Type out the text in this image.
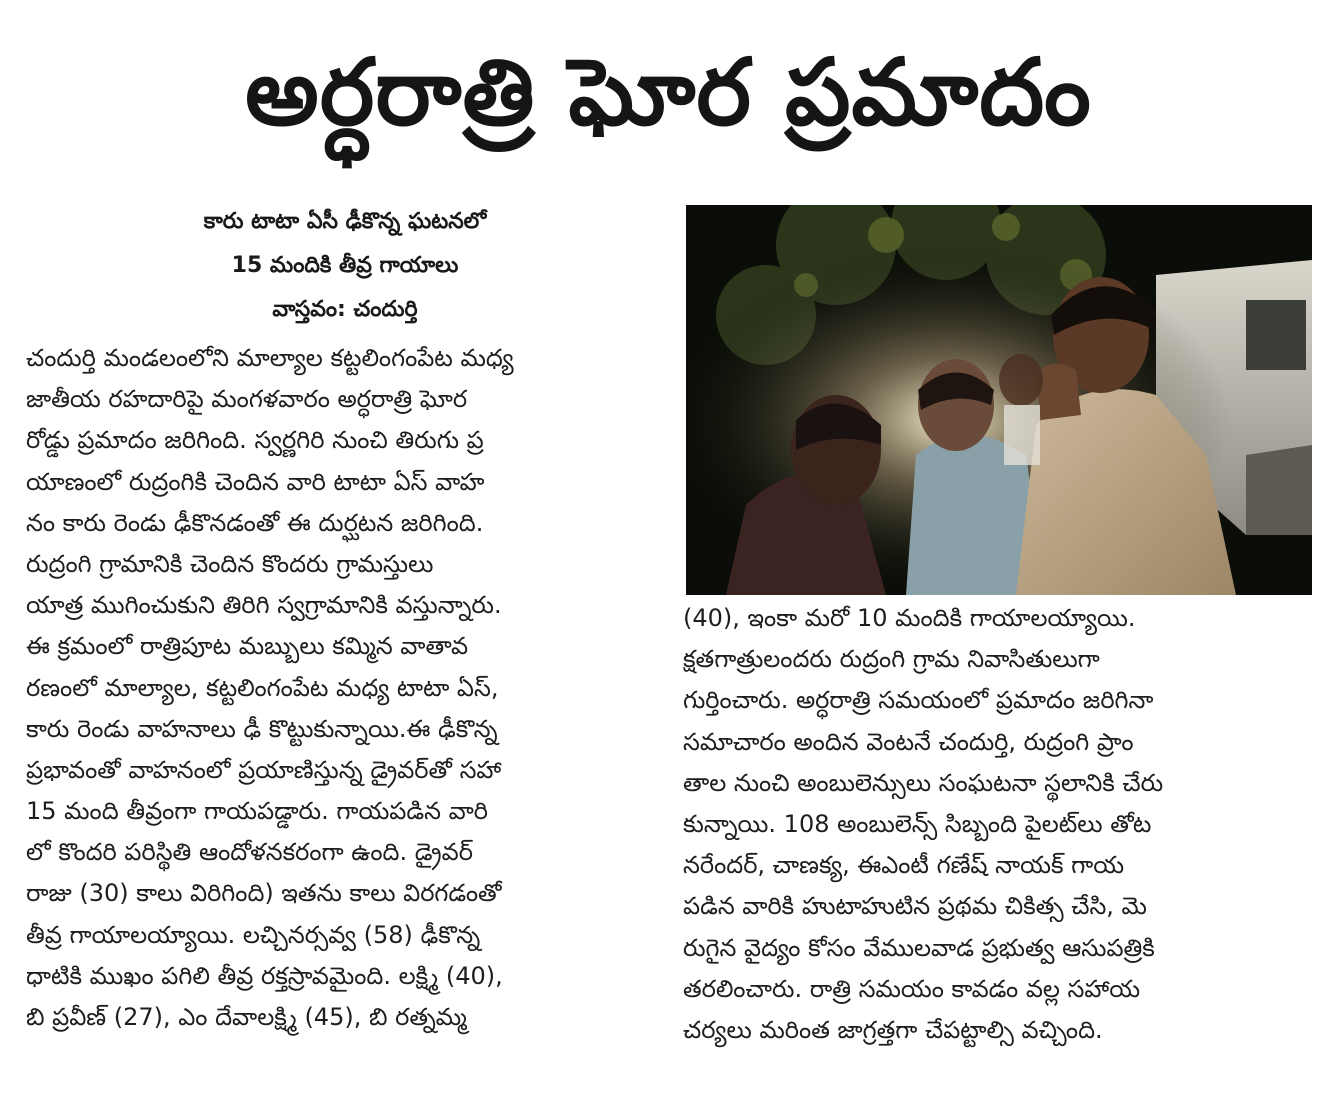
అర్ధరాత్రి ఘోర ప్రమాదం
కారు టాటా ఏసీ ఢీకొన్న ఘటనలో
15 మందికి తీవ్ర గాయాలు
వాస్తవం: చందుర్తి
చందుర్తి మండలంలోని మాల్యాల కట్టలింగంపేట మధ్య
జాతీయ రహదారిపై మంగళవారం అర్ధరాత్రి ఘోర
రోడ్డు ప్రమాదం జరిగింది. స్వర్ణగిరి నుంచి తిరుగు ప్ర
యాణంలో రుద్రంగికి చెందిన వారి టాటా ఏస్ వాహ
నం కారు రెండు ఢీకొనడంతో ఈ దుర్ఘటన జరిగింది.
రుద్రంగి గ్రామానికి చెందిన కొందరు గ్రామస్తులు
యాత్ర ముగించుకుని తిరిగి స్వగ్రామానికి వస్తున్నారు.
ఈ క్రమంలో రాత్రిపూట మబ్బులు కమ్మిన వాతావ
రణంలో మాల్యాల, కట్టలింగంపేట మధ్య టాటా ఏస్,
కారు రెండు వాహనాలు ఢీ కొట్టుకున్నాయి.ఈ ఢీకొన్న
ప్రభావంతో వాహనంలో ప్రయాణిస్తున్న డ్రైవర్‌తో సహా
15 మంది తీవ్రంగా గాయపడ్డారు. గాయపడిన వారి
లో కొందరి పరిస్థితి ఆందోళనకరంగా ఉంది. డ్రైవర్
రాజు (30) కాలు విరిగింది) ఇతను కాలు విరగడంతో
తీవ్ర గాయాలయ్యాయి. లచ్చినర్సవ్వ (58) ఢీకొన్న
ధాటికి ముఖం పగిలి తీవ్ర రక్తస్రావమైంది. లక్ష్మి (40),
బి ప్రవీణ్ (27), ఎం దేవాలక్ష్మి (45), బి రత్నమ్మ
(40), ఇంకా మరో 10 మందికి గాయాలయ్యాయి.
క్షతగాత్రులందరు రుద్రంగి గ్రామ నివాసితులుగా
గుర్తించారు. అర్ధరాత్రి సమయంలో ప్రమాదం జరిగినా
సమాచారం అందిన వెంటనే చందుర్తి, రుద్రంగి ప్రాం
తాల నుంచి అంబులెన్సులు సంఘటనా స్థలానికి చేరు
కున్నాయి. 108 అంబులెన్స్ సిబ్బంది పైలట్‌లు తోట
నరేందర్, చాణక్య, ఈఎంటీ గణేష్ నాయక్ గాయ
పడిన వారికి హుటాహుటిన ప్రథమ చికిత్స చేసి, మె
రుగైన వైద్యం కోసం వేములవాడ ప్రభుత్వ ఆసుపత్రికి
తరలించారు. రాత్రి సమయం కావడం వల్ల సహాయ
చర్యలు మరింత జాగ్రత్తగా చేపట్టాల్సి వచ్చింది.
